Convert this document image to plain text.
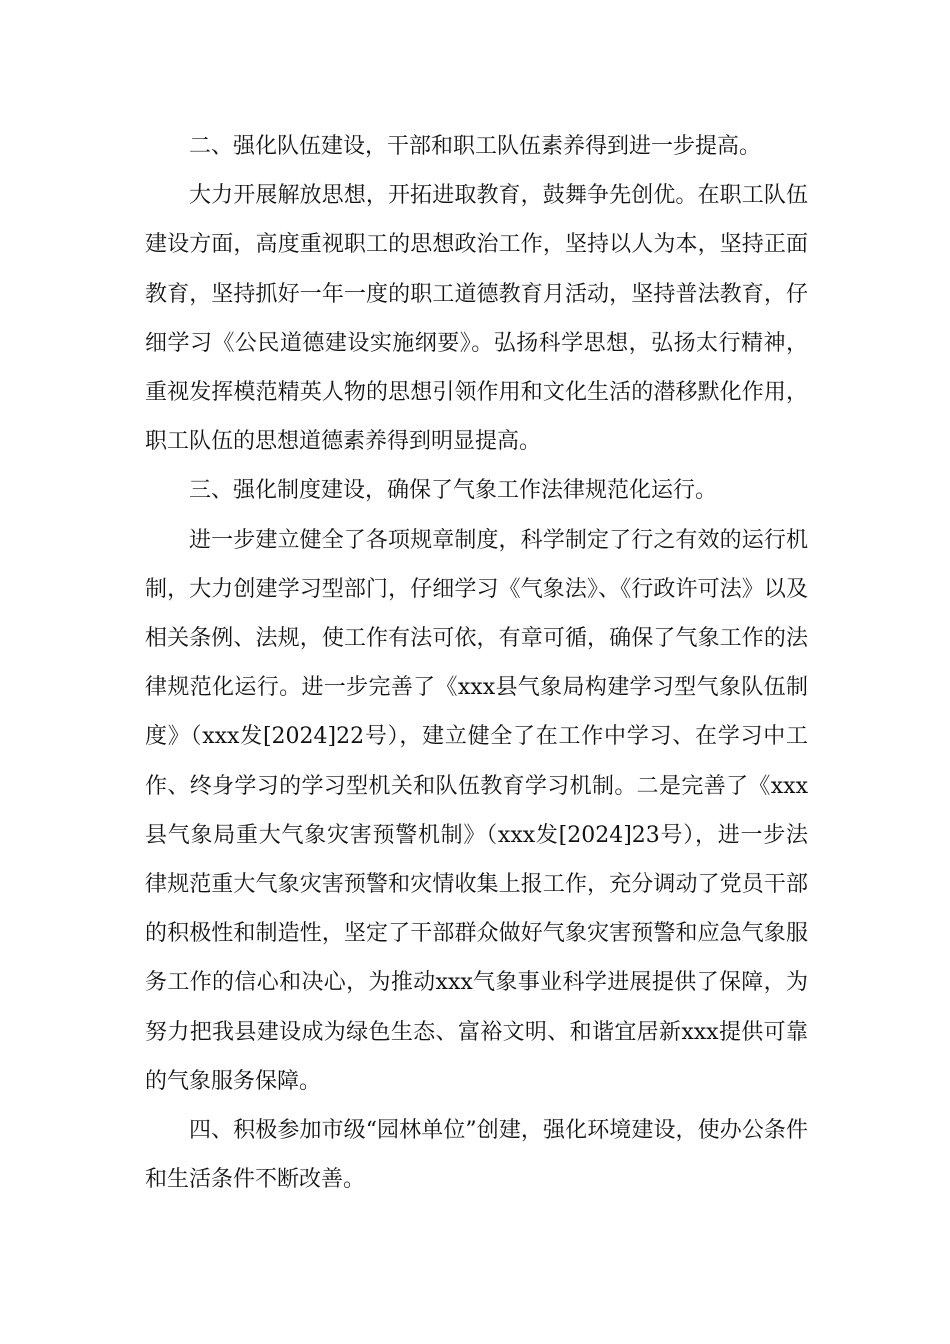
二、强化队伍建设，干部和职工队伍素养得到进一步提高。

大力开展解放思想，开拓进取教育，鼓舞争先创优。在职工队伍建设方面，高度重视职工的思想政治工作，坚持以人为本，坚持正面教育，坚持抓好一年一度的职工道德教育月活动，坚持普法教育，仔细学习《公民道德建设实施纲要》。弘扬科学思想，弘扬太行精神，重视发挥模范精英人物的思想引领作用和文化生活的潜移默化作用，职工队伍的思想道德素养得到明显提高。

三、强化制度建设，确保了气象工作法律规范化运行。

进一步建立健全了各项规章制度，科学制定了行之有效的运行机制，大力创建学习型部门，仔细学习《气象法》、《行政许可法》以及相关条例、法规，使工作有法可依，有章可循，确保了气象工作的法律规范化运行。进一步完善了《xxx县气象局构建学习型气象队伍制度》（xxx发[2024]22号），建立健全了在工作中学习、在学习中工作、终身学习的学习型机关和队伍教育学习机制。二是完善了《xxx县气象局重大气象灾害预警机制》（xxx发[2024]23号），进一步法律规范重大气象灾害预警和灾情收集上报工作，充分调动了党员干部的积极性和制造性，坚定了干部群众做好气象灾害预警和应急气象服务工作的信心和决心，为推动xxx气象事业科学进展提供了保障，为努力把我县建设成为绿色生态、富裕文明、和谐宜居新xxx提供可靠的气象服务保障。

四、积极参加市级“园林单位”创建，强化环境建设，使办公条件和生活条件不断改善。
